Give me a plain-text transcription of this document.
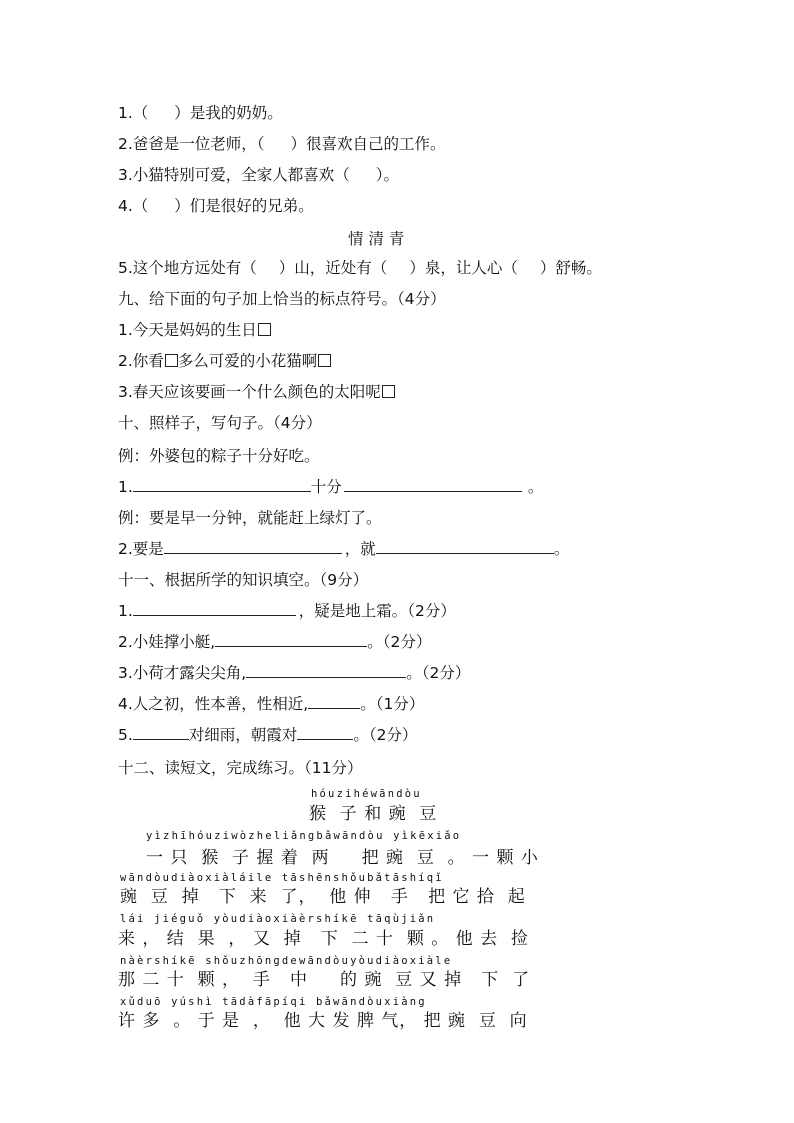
1.（ ）是我的奶奶。
2.爸爸是一位老师，（ ）很喜欢自己的工作。
3.小猫特别可爱，全家人都喜欢（ ）。
4.（ ）们是很好的兄弟。
情 清 青
5.这个地方远处有（ ）山，近处有（ ）泉，让人心（ ）舒畅。
九、给下面的句子加上恰当的标点符号。（4分）
1.今天是妈妈的生日
2.你看 多么可爱的小花猫啊
3.春天应该要画一个什么颜色的太阳呢
十、照样子，写句子。（4分）
例：外婆包的粽子十分好吃。
1.	十分	。
例：要是早一分钟，就能赶上绿灯了。
2.要是	，就	。
十一、根据所学的知识填空。（9分）
1.	，疑是地上霜。（2分）
2.小娃撑小艇,	。（2分）
3.小荷才露尖尖角,	。（2分）
4.人之初，性本善，性相近,	。（1分）
5.	对细雨，朝霞对	。（2分）
十二、读短文，完成练习。（11分）
hóuzihéwāndòu
猴  子 和 豌  豆
yìzhīhóuziwòzheliǎngbǎwāndòu yìkēxiǎo
一 只  猴  子 握 着  两     把 豌  豆  。 一 颗 小
wāndòudiàoxiàláile tāshēnshǒubǎtāshíqǐ
豌  豆  掉   下  来  了，  他 伸   手   把 它 拾  起
lái jiéguǒ yòudiàoxiàèrshíkē tāqùjiǎn
来 ， 结  果  ， 又  掉   下  二 十  颗 。 他 去  捡
nàèrshíkē shǒuzhōngdewāndòuyòudiàoxiàle
那 二 十  颗 ，  手   中     的 豌  豆 又 掉   下  了
xǔduō yúshì tādàfāpíqi bǎwāndòuxiàng
许 多  。 于 是  ，  他 大 发 脾 气， 把 豌  豆  向
